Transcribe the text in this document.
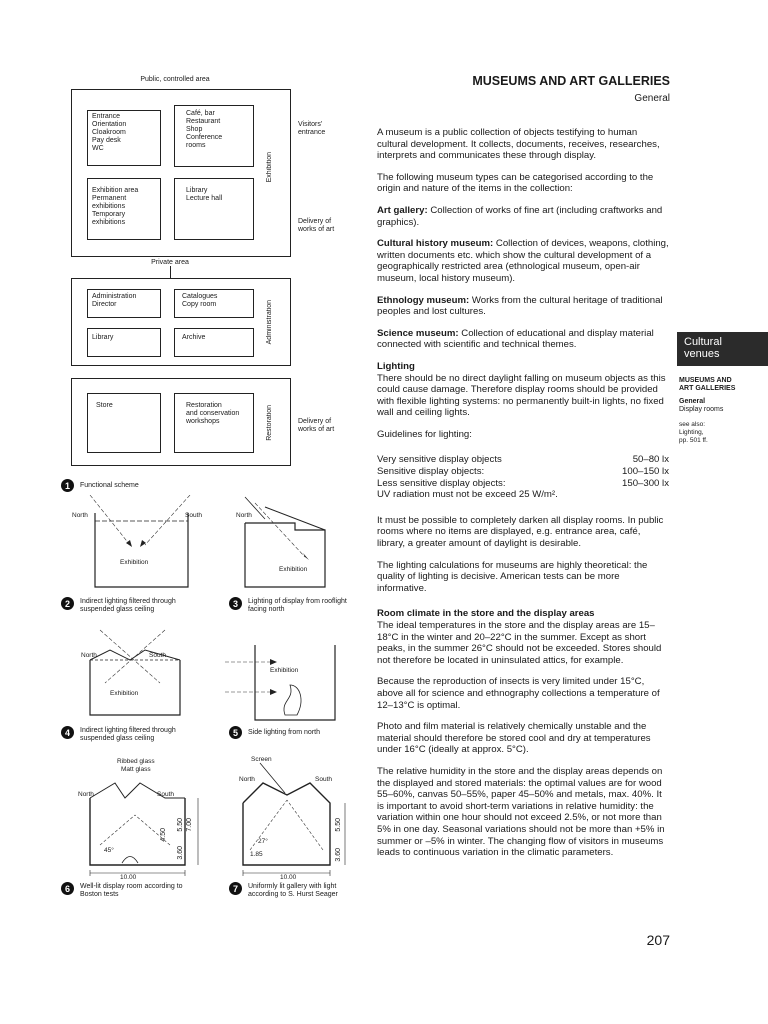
MUSEUMS AND ART GALLERIES
General
Public, controlled area
Entrance
Orientation
Cloakroom
Pay desk
WC
Café, bar
Restaurant
Shop
Conference rooms
Exhibition area
Permanent exhibitions
Temporary exhibitions
Library
Lecture hall
Exhibition
Visitors'
entrance
Delivery of
works of art
Private area
Administration
Director
Catalogues
Copy room
Library	Archive	Administration
Store	Restoration
and conservation
workshops	Restoration	Delivery of
works of art
1	Functional scheme
North	South
Exhibition
2	Indirect lighting filtered through
suspended glass ceiling
North
Exhibition
3	Lighting of display from rooflight
facing north
North	South
Exhibition
4	Indirect lighting filtered through
suspended glass ceiling
Exhibition
5	Side lighting from north
Ribbed glass
Matt glass
North	South
45°
5.50 7.00
4.50
3.60
10.00
6	Well-lit display room according to
Boston tests
Screen
North	South
27°
5.50
3.60
1.85
10.00
7	Uniformly lit gallery with light
according to S. Hurst Seager
Cultural
venues
MUSEUMS AND
ART GALLERIES
General
Display rooms
see also:
Lighting,
pp. 501 ff.

A museum is a public collection of objects testifying to human cultural development. It collects, documents, receives, researches, interprets and communicates these through display.

The following museum types can be categorised according to the origin and nature of the items in the collection:

Art gallery: Collection of works of fine art (including craftworks and graphics).

Cultural history museum: Collection of devices, weapons, clothing, written documents etc. which show the cultural development of a geographically restricted area (ethnological museum, open-air museum, local history museum).

Ethnology museum: Works from the cultural heritage of traditional peoples and lost cultures.

Science museum: Collection of educational and display material connected with scientific and technical themes.

Lighting

There should be no direct daylight falling on museum objects as this could cause damage. Therefore display rooms should be provided with flexible lighting systems: no permanently built-in lights, no fixed wall and ceiling lights.

Guidelines for lighting:

Very sensitive display objects	50–80 lx
Sensitive display objects:	100–150 lx
Less sensitive display objects:	150–300 lx

UV radiation must not be exceed 25 W/m².

It must be possible to completely darken all display rooms. In public rooms where no items are displayed, e.g. entrance area, café, library, a greater amount of daylight is desirable.

The lighting calculations for museums are highly theoretical: the quality of lighting is decisive. American tests can be more informative.

Room climate in the store and the display areas

The ideal temperatures in the store and the display areas are 15–18°C in the winter and 20–22°C in the summer. Except as short peaks, in the summer 26°C should not be exceeded. Stores should not therefore be located in uninsulated attics, for example.

Because the reproduction of insects is very limited under 15°C, above all for science and ethnography collections a temperature of 12–13°C is optimal.

Photo and film material is relatively chemically unstable and the material should therefore be stored cool and dry at temperatures under 16°C (ideally at approx. 5°C).

The relative humidity in the store and the display areas depends on the displayed and stored materials: the optimal values are for wood 55–60%, canvas 50–55%, paper 45–50% and metals, max. 40%. It is important to avoid short-term variations in relative humidity: the variation within one hour should not exceed 2.5%, or not more than 5% in one day. Seasonal variations should not be more than +5% in summer or –5% in winter. The changing flow of visitors in museums leads to continuous variation in the climatic parameters.

207
